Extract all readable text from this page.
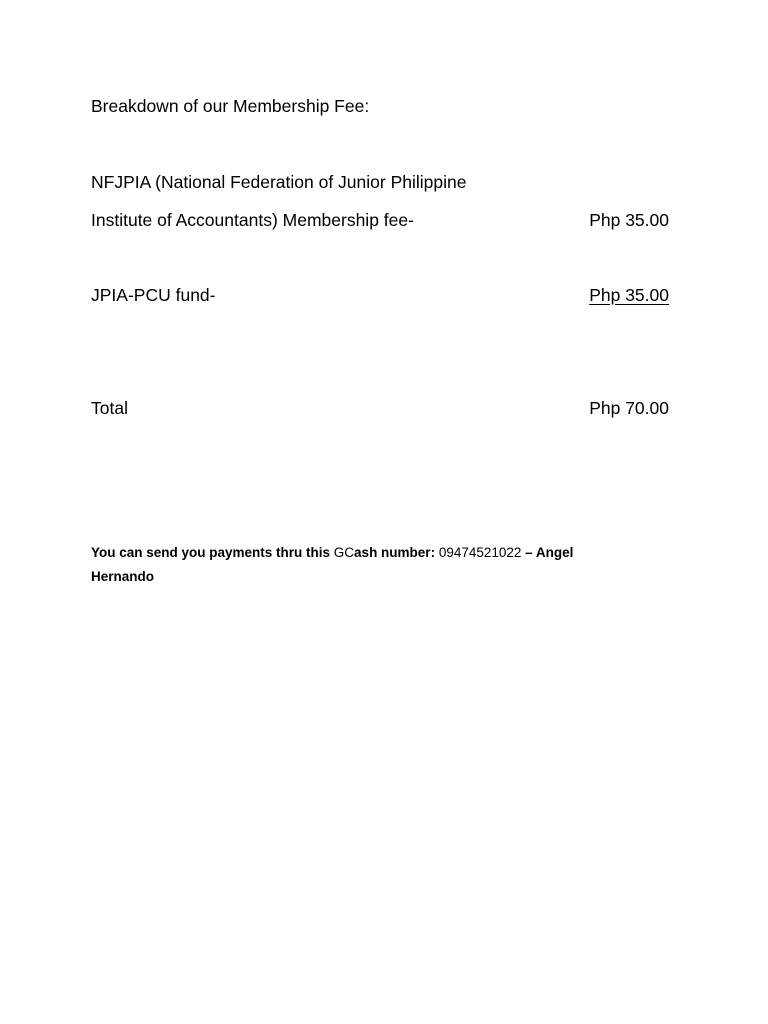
Breakdown of our Membership Fee:
NFJPIA (National Federation of Junior Philippine
Institute of Accountants) Membership fee-	Php 35.00
JPIA-PCU fund-	Php 35.00
Total	Php 70.00
You can send you payments thru this GCash number: 09474521022 – Angel
Hernando
